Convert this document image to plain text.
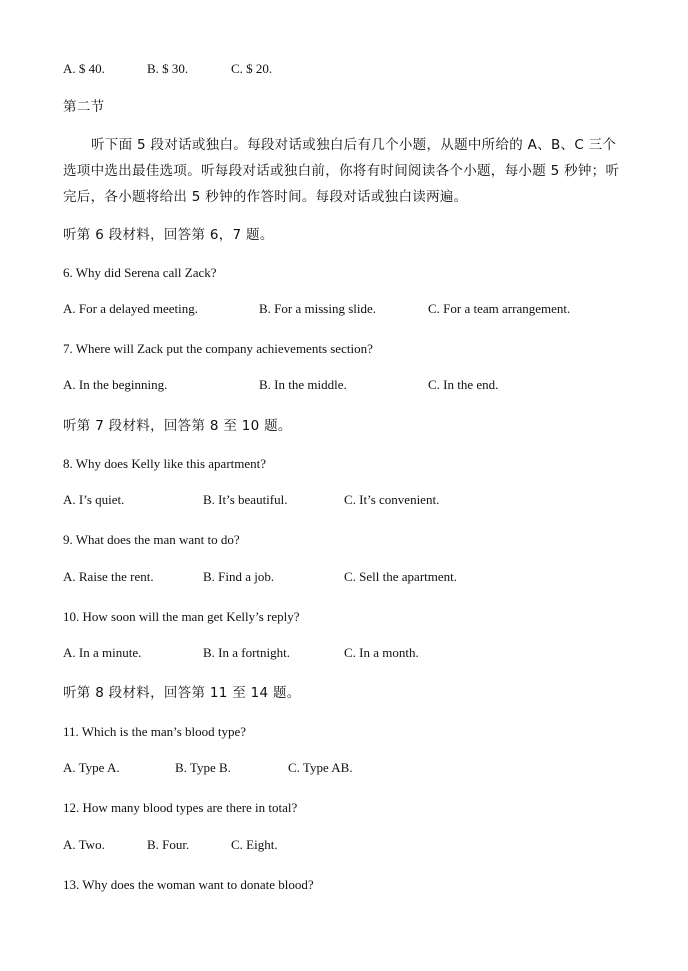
A. $ 40.	B. $ 30.	C. $ 20.
第二节
听下面 5 段对话或独白。每段对话或独白后有几个小题，从题中所给的 A、B、C 三个
选项中选出最佳选项。听每段对话或独白前，你将有时间阅读各个小题，每小题 5 秒钟；听
完后，各小题将给出 5 秒钟的作答时间。每段对话或独白读两遍。
听第 6 段材料，回答第 6，7 题。
6. Why did Serena call Zack?
A. For a delayed meeting.	B. For a missing slide.	C. For a team arrangement.
7. Where will Zack put the company achievements section?
A. In the beginning.	B. In the middle.	C. In the end.
听第 7 段材料，回答第 8 至 10 题。
8. Why does Kelly like this apartment?
A. I’s quiet.	B. It’s beautiful.	C. It’s convenient.
9. What does the man want to do?
A. Raise the rent.	B. Find a job.	C. Sell the apartment.
10. How soon will the man get Kelly’s reply?
A. In a minute.	B. In a fortnight.	C. In a month.
听第 8 段材料，回答第 11 至 14 题。
11. Which is the man’s blood type?
A. Type A.	B. Type B.	C. Type AB.
12. How many blood types are there in total?
A. Two.	B. Four.	C. Eight.
13. Why does the woman want to donate blood?
